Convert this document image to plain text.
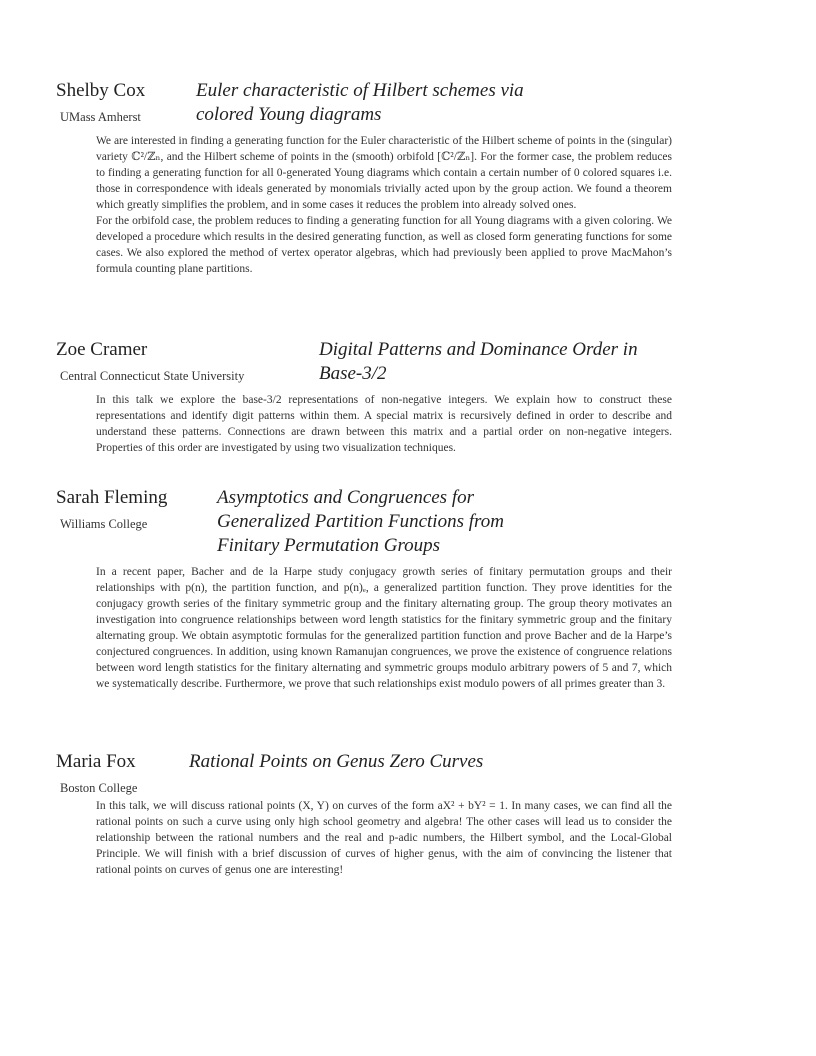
Shelby Cox
UMass Amherst
Euler characteristic of Hilbert schemes via
colored Young diagrams

We are interested in finding a generating function for the Euler characteristic of the Hilbert scheme of points in the (singular) variety ℂ²/ℤₙ, and the Hilbert scheme of points in the (smooth) orbifold [ℂ²/ℤₙ]. For the former case, the problem reduces to finding a generating function for all 0-generated Young diagrams which contain a certain number of 0 colored squares i.e. those in correspondence with ideals generated by monomials trivially acted upon by the group action. We found a theorem which greatly simplifies the problem, and in some cases it reduces the problem into already solved ones.

For the orbifold case, the problem reduces to finding a generating function for all Young diagrams with a given coloring. We developed a procedure which results in the desired generating function, as well as closed form generating functions for some cases. We also explored the method of vertex operator algebras, which had previously been applied to prove MacMahon’s formula counting plane partitions.

Zoe Cramer
Central Connecticut State University
Digital Patterns and Dominance Order in
Base-3/2

In this talk we explore the base-3/2 representations of non-negative integers. We explain how to construct these representations and identify digit patterns within them. A special matrix is recursively defined in order to describe and understand these patterns. Connections are drawn between this matrix and a partial order on non-negative integers. Properties of this order are investigated by using two visualization techniques.

Sarah Fleming
Williams College
Asymptotics and Congruences for
Generalized Partition Functions from
Finitary Permutation Groups

In a recent paper, Bacher and de la Harpe study conjugacy growth series of finitary permutation groups and their relationships with p(n), the partition function, and p(n)ₑ, a generalized partition function. They prove identities for the conjugacy growth series of the finitary symmetric group and the finitary alternating group. The group theory motivates an investigation into congruence relationships between word length statistics for the finitary symmetric group and the finitary alternating group. We obtain asymptotic formulas for the generalized partition function and prove Bacher and de la Harpe’s conjectured congruences. In addition, using known Ramanujan congruences, we prove the existence of congruence relations between word length statistics for the finitary alternating and symmetric groups modulo arbitrary powers of 5 and 7, which we systematically describe. Furthermore, we prove that such relationships exist modulo powers of all primes greater than 3.

Maria Fox
Boston College
Rational Points on Genus Zero Curves

In this talk, we will discuss rational points (X, Y) on curves of the form aX² + bY² = 1. In many cases, we can find all the rational points on such a curve using only high school geometry and algebra! The other cases will lead us to consider the relationship between the rational numbers and the real and p-adic numbers, the Hilbert symbol, and the Local-Global Principle. We will finish with a brief discussion of curves of higher genus, with the aim of convincing the listener that rational points on curves of genus one are interesting!
